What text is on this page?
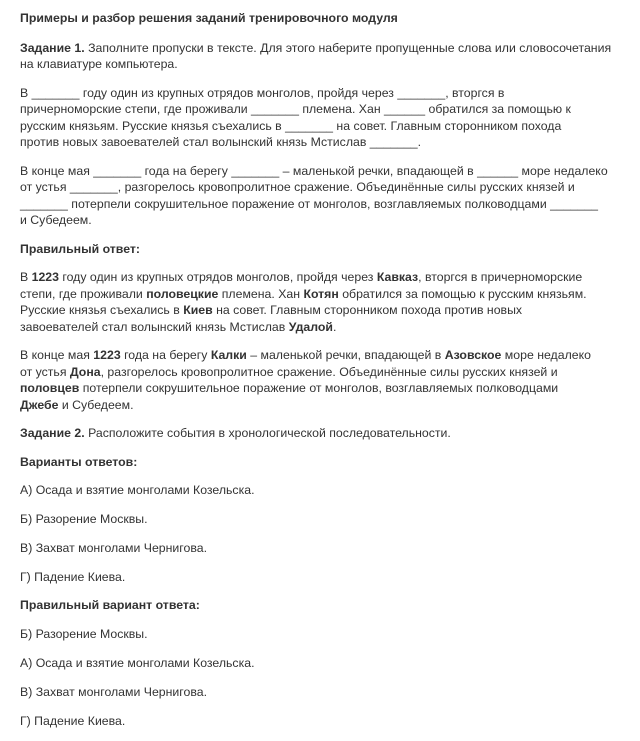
Примеры и разбор решения заданий тренировочного модуля

Задание 1. Заполните пропуски в тексте. Для этого наберите пропущенные слова или словосочетания на клавиатуре компьютера.

В _______ году один из крупных отрядов монголов, пройдя через _______, вторгся в

причерноморские степи, где проживали _______ племена. Хан ______ обратился за помощью к

русским князьям. Русские князья съехались в _______ на совет. Главным сторонником похода

против новых завоевателей стал волынский князь Мстислав _______.

В конце мая _______ года на берегу _______ – маленькой речки, впадающей в ______ море недалеко

от устья _______, разгорелось кровопролитное сражение. Объединённые силы русских князей и

_______ потерпели сокрушительное поражение от монголов, возглавляемых полководцами _______

и Субедеем.

Правильный ответ:

В 1223 году один из крупных отрядов монголов, пройдя через Кавказ, вторгся в причерноморские

степи, где проживали половецкие племена. Хан Котян обратился за помощью к русским князьям.

Русские князья съехались в Киев на совет. Главным сторонником похода против новых

завоевателей стал волынский князь Мстислав Удалой.

В конце мая 1223 года на берегу Калки – маленькой речки, впадающей в Азовское море недалеко

от устья Дона, разгорелось кровопролитное сражение. Объединённые силы русских князей и

половцев потерпели сокрушительное поражение от монголов, возглавляемых полководцами

Джебе и Субедеем.

Задание 2. Расположите события в хронологической последовательности.

Варианты ответов:

А) Осада и взятие монголами Козельска.

Б) Разорение Москвы.

В) Захват монголами Чернигова.

Г) Падение Киева.

Правильный вариант ответа:

Б) Разорение Москвы.

А) Осада и взятие монголами Козельска.

В) Захват монголами Чернигова.

Г) Падение Киева.
